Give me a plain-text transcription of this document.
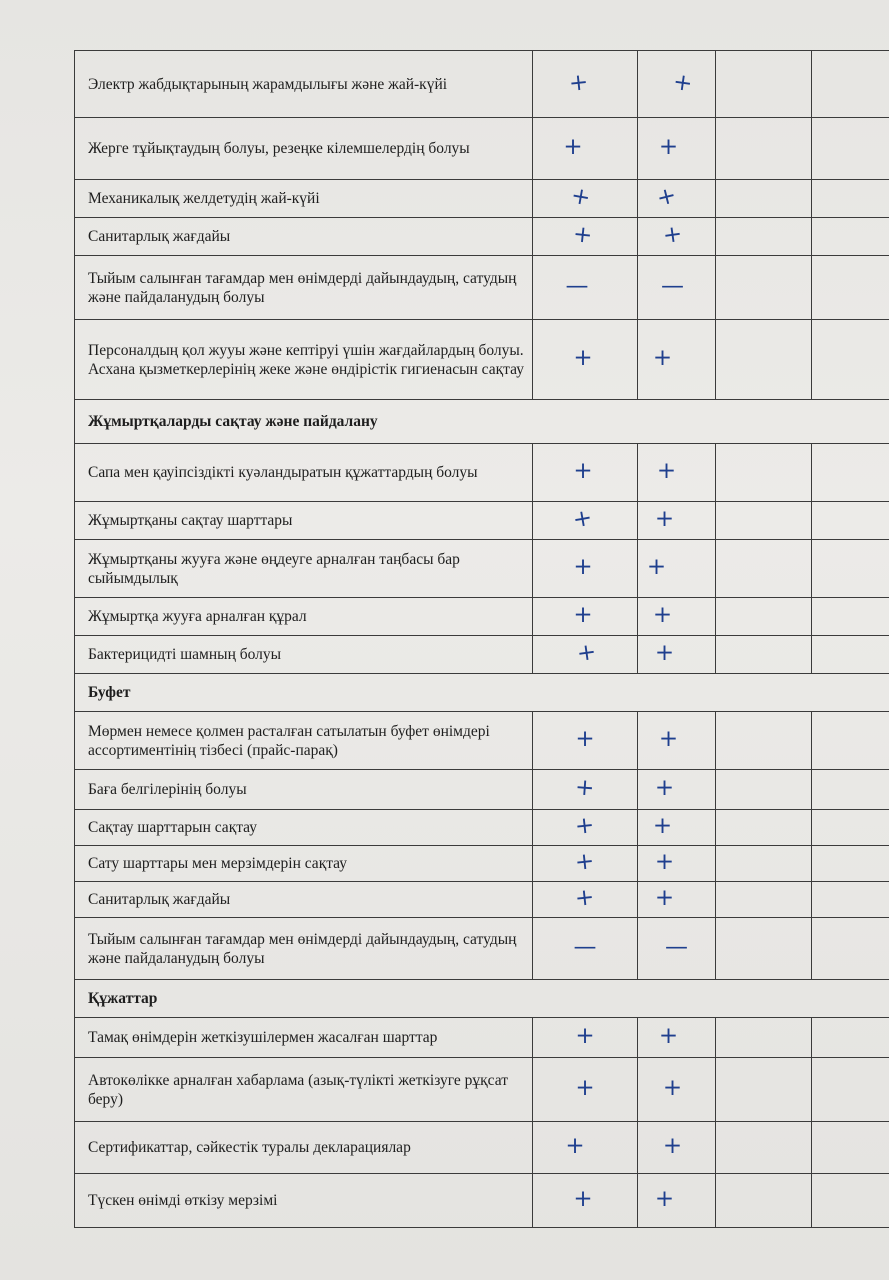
Электр жабдықтарының жарамдылығы және жай-күйі	+	+		
Жерге тұйықтаудың болуы, резеңке кілемшелердің болуы	+	+		
Механикалық желдетудің жай-күйі	+	+		
Санитарлық жағдайы	+	+		
Тыйым салынған тағамдар мен өнімдерді дайындаудың, сатудың және пайдаланудың болуы	—	—		
Персоналдың қол жууы және кептіруі үшін жағдайлардың болуы. Асхана қызметкерлерінің жеке және өндірістік гигиенасын сақтау	+	+		
Жұмыртқаларды сақтау және пайдалану				
Сапа мен қауіпсіздікті куәландыратын құжаттардың болуы	+	+		
Жұмыртқаны сақтау шарттары	+	+		
Жұмыртқаны жууға және өңдеуге арналған таңбасы бар сыйымдылық	+	+		
Жұмыртқа жууға арналған құрал	+	+		
Бактерицидті шамның болуы	+	+		
Буфет				
Мөрмен немесе қолмен расталған сатылатын буфет өнімдері ассортиментінің тізбесі (прайс-парақ)	+	+		
Баға белгілерінің болуы	+	+		
Сақтау шарттарын сақтау	+	+		
Сату шарттары мен мерзімдерін сақтау	+	+		
Санитарлық жағдайы	+	+		
Тыйым салынған тағамдар мен өнімдерді дайындаудың, сатудың және пайдаланудың болуы	—	—		
Құжаттар				
Тамақ өнімдерін жеткізушілермен жасалған шарттар	+	+		
Автокөлікке арналған хабарлама (азық-түлікті жеткізуге рұқсат беру)	+	+		
Сертификаттар, сәйкестік туралы декларациялар	+	+		
Түскен өнімді өткізу мерзімі	+	+		
